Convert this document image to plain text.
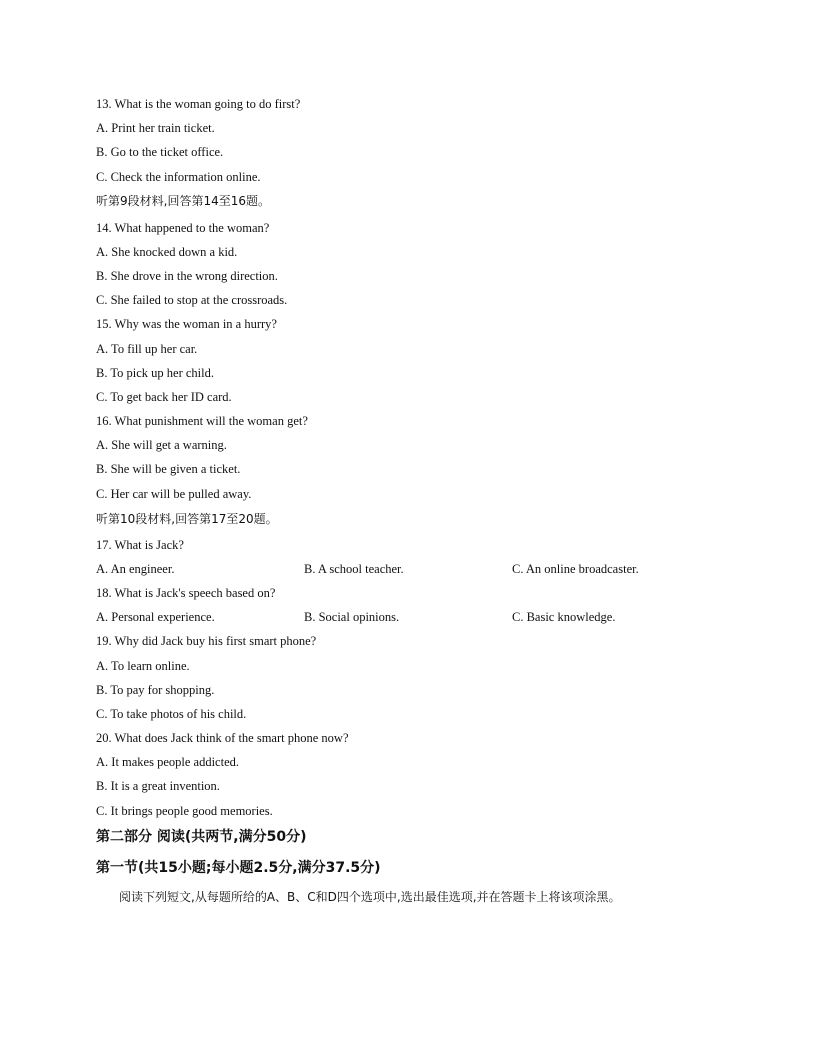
13. What is the woman going to do first?
A. Print her train ticket.
B. Go to the ticket office.
C. Check the information online.
听第9段材料,回答第14至16题。
14. What happened to the woman?
A. She knocked down a kid.
B. She drove in the wrong direction.
C. She failed to stop at the crossroads.
15. Why was the woman in a hurry?
A. To fill up her car.
B. To pick up her child.
C. To get back her ID card.
16. What punishment will the woman get?
A. She will get a warning.
B. She will be given a ticket.
C. Her car will be pulled away.
听第10段材料,回答第17至20题。
17. What is Jack?
A. An engineer.	B. A school teacher.	C. An online broadcaster.
18. What is Jack's speech based on?
A. Personal experience.	B. Social opinions.	C. Basic knowledge.
19. Why did Jack buy his first smart phone?
A. To learn online.
B. To pay for shopping.
C. To take photos of his child.
20. What does Jack think of the smart phone now?
A. It makes people addicted.
B. It is a great invention.
C. It brings people good memories.
第二部分 阅读(共两节,满分50分)
第一节(共15小题;每小题2.5分,满分37.5分)
阅读下列短文,从每题所给的A、B、C和D四个选项中,选出最佳选项,并在答题卡上将该项涂黑。
